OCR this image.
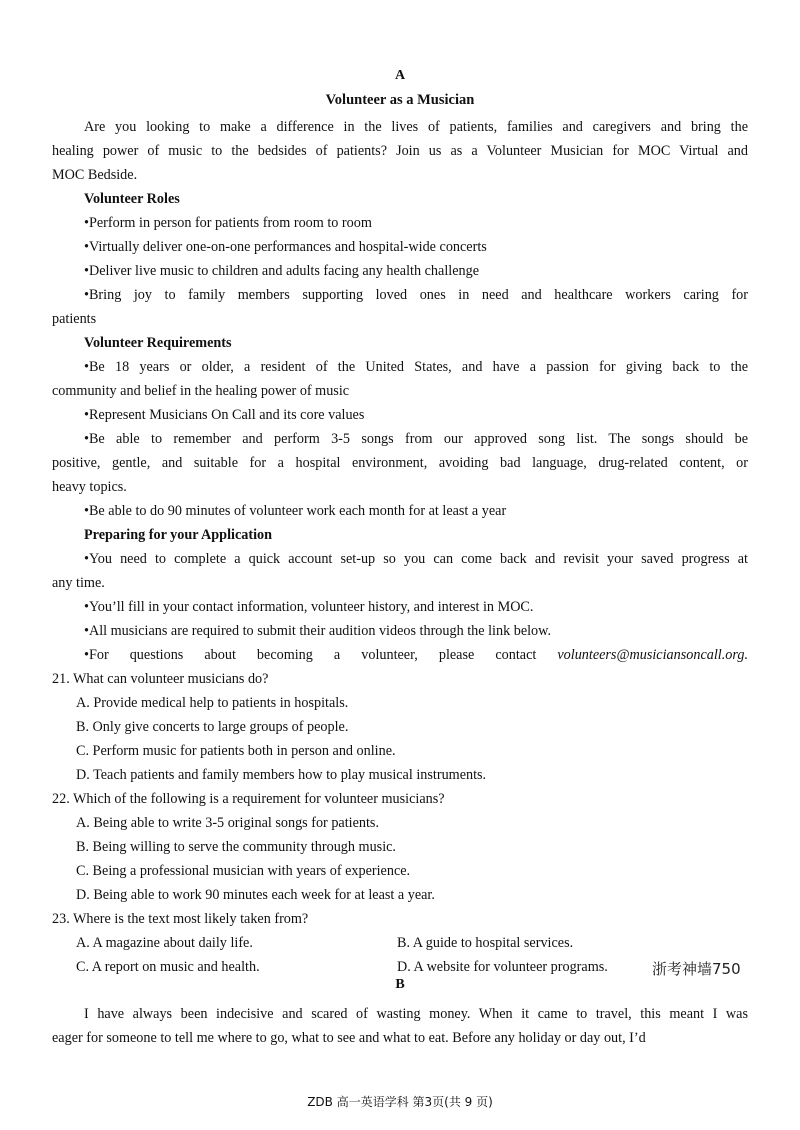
A
Volunteer as a Musician
Are you looking to make a difference in the lives of patients, families and caregivers and bring the
healing power of music to the bedsides of patients? Join us as a Volunteer Musician for MOC Virtual and
MOC Bedside.
Volunteer Roles
•Perform in person for patients from room to room
•Virtually deliver one-on-one performances and hospital-wide concerts
•Deliver live music to children and adults facing any health challenge
•Bring joy to family members supporting loved ones in need and healthcare workers caring for
patients
Volunteer Requirements
•Be 18 years or older, a resident of the United States, and have a passion for giving back to the
community and belief in the healing power of music
•Represent Musicians On Call and its core values
•Be able to remember and perform 3-5 songs from our approved song list. The songs should be
positive, gentle, and suitable for a hospital environment, avoiding bad language, drug-related content, or
heavy topics.
•Be able to do 90 minutes of volunteer work each month for at least a year
Preparing for your Application
•You need to complete a quick account set-up so you can come back and revisit your saved progress at
any time.
•You’ll fill in your contact information, volunteer history, and interest in MOC.
•All musicians are required to submit their audition videos through the link below.
•For questions about becoming a volunteer, please contact volunteers@musiciansoncall.org.
21. What can volunteer musicians do?
A. Provide medical help to patients in hospitals.
B. Only give concerts to large groups of people.
C. Perform music for patients both in person and online.
D. Teach patients and family members how to play musical instruments.
22. Which of the following is a requirement for volunteer musicians?
A. Being able to write 3-5 original songs for patients.
B. Being willing to serve the community through music.
C. Being a professional musician with years of experience.
D. Being able to work 90 minutes each week for at least a year.
23. Where is the text most likely taken from?
A. A magazine about daily life.	B. A guide to hospital services.
C. A report on music and health.	D. A website for volunteer programs.	浙考神墙750
B
I have always been indecisive and scared of wasting money. When it came to travel, this meant I was
eager for someone to tell me where to go, what to see and what to eat. Before any holiday or day out, I’d
ZDB 高一英语学科 第3页(共 9 页)
